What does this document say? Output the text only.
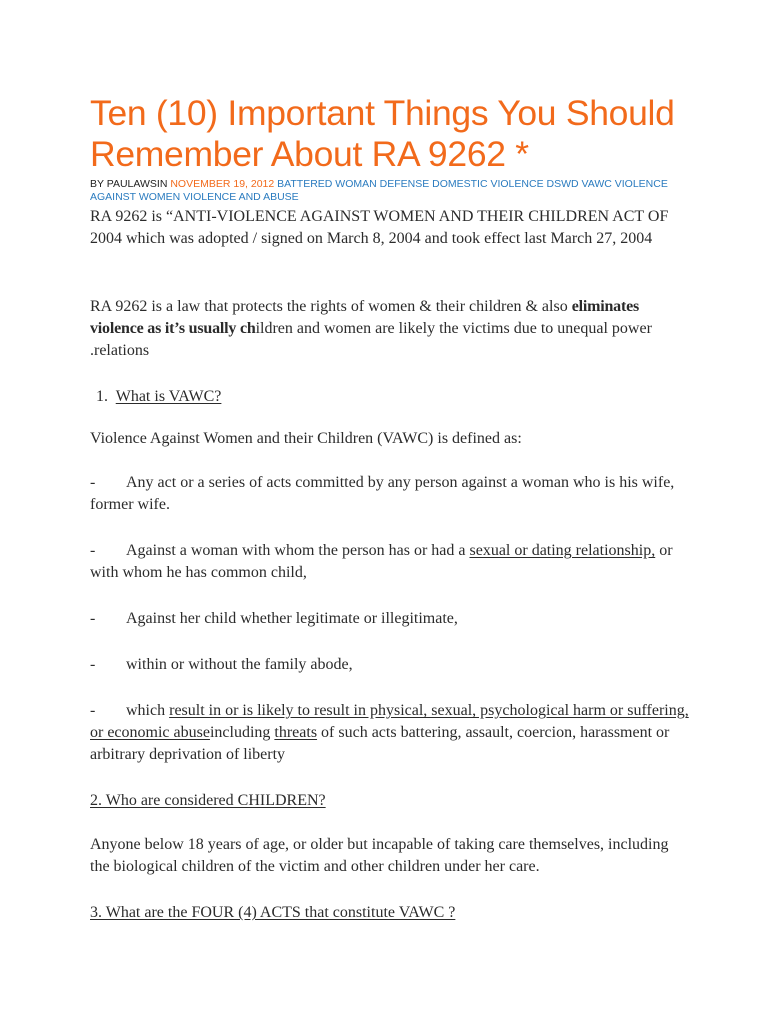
Ten (10) Important Things You Should Remember About RA 9262 *
BY PAULAWSIN NOVEMBER 19, 2012 BATTERED WOMAN DEFENSE DOMESTIC VIOLENCE DSWD VAWC VIOLENCE AGAINST WOMEN VIOLENCE AND ABUSE

RA 9262 is “ANTI-VIOLENCE AGAINST WOMEN AND THEIR CHILDREN ACT OF 2004 which was adopted / signed on March 8, 2004 and took effect last March 27, 2004

RA 9262 is a law that protects the rights of women & their children & also eliminates violence as it’s usually children and women are likely the victims due to unequal power .relations

1. What is VAWC?

Violence Against Women and their Children (VAWC) is defined as:

- Any act or a series of acts committed by any person against a woman who is his wife, former wife.

- Against a woman with whom the person has or had a sexual or dating relationship, or with whom he has common child,

- Against her child whether legitimate or illegitimate,

- within or without the family abode,

- which result in or is likely to result in physical, sexual, psychological harm or suffering, or economic abuseincluding threats of such acts battering, assault, coercion, harassment or arbitrary deprivation of liberty

2. Who are considered CHILDREN?

Anyone below 18 years of age, or older but incapable of taking care themselves, including the biological children of the victim and other children under her care.

3. What are the FOUR (4) ACTS that constitute VAWC ?
